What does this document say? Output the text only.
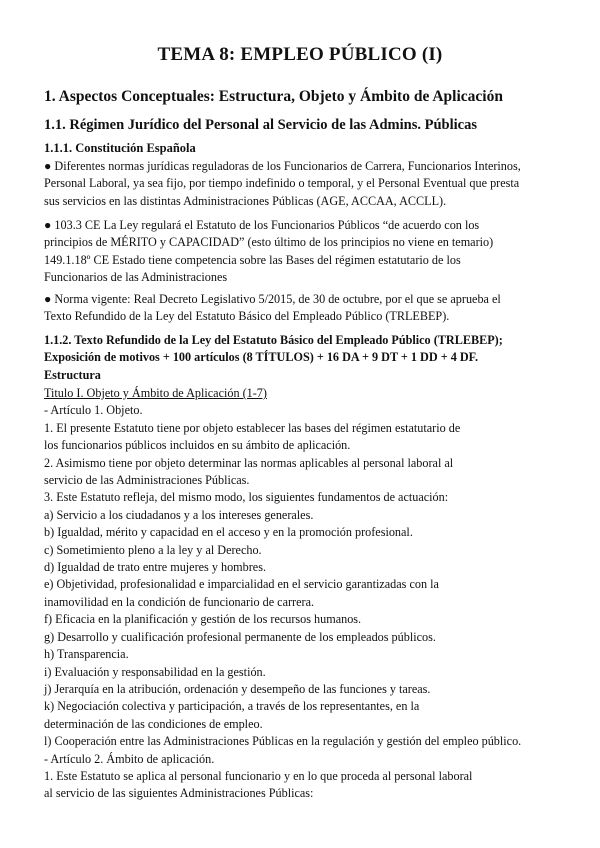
TEMA 8: EMPLEO PÚBLICO (I)
1. Aspectos Conceptuales: Estructura, Objeto y Ámbito de Aplicación
1.1. Régimen Jurídico del Personal al Servicio de las Admins. Públicas
1.1.1. Constitución Española
● Diferentes normas jurídicas reguladoras de los Funcionarios de Carrera, Funcionarios Interinos,
Personal Laboral, ya sea fijo, por tiempo indefinido o temporal, y el Personal Eventual que presta
sus servicios en las distintas Administraciones Públicas (AGE, ACCAA, ACCLL).
● 103.3 CE La Ley regulará el Estatuto de los Funcionarios Públicos “de acuerdo con los
principios de MÉRITO y CAPACIDAD” (esto último de los principios no viene en temario)
149.1.18º CE Estado tiene competencia sobre las Bases del régimen estatutario de los
Funcionarios de las Administraciones
● Norma vigente: Real Decreto Legislativo 5/2015, de 30 de octubre, por el que se aprueba el
Texto Refundido de la Ley del Estatuto Básico del Empleado Público (TRLEBEP).
1.1.2. Texto Refundido de la Ley del Estatuto Básico del Empleado Público (TRLEBEP);
Exposición de motivos + 100 artículos (8 TÍTULOS) + 16 DA + 9 DT + 1 DD + 4 DF.
Estructura
Titulo I. Objeto y Ámbito de Aplicación (1-7)
- Artículo 1. Objeto.
1. El presente Estatuto tiene por objeto establecer las bases del régimen estatutario de
los funcionarios públicos incluidos en su ámbito de aplicación.
2. Asimismo tiene por objeto determinar las normas aplicables al personal laboral al
servicio de las Administraciones Públicas.
3. Este Estatuto refleja, del mismo modo, los siguientes fundamentos de actuación:
a) Servicio a los ciudadanos y a los intereses generales.
b) Igualdad, mérito y capacidad en el acceso y en la promoción profesional.
c) Sometimiento pleno a la ley y al Derecho.
d) Igualdad de trato entre mujeres y hombres.
e) Objetividad, profesionalidad e imparcialidad en el servicio garantizadas con la
inamovilidad en la condición de funcionario de carrera.
f) Eficacia en la planificación y gestión de los recursos humanos.
g) Desarrollo y cualificación profesional permanente de los empleados públicos.
h) Transparencia.
i) Evaluación y responsabilidad en la gestión.
j) Jerarquía en la atribución, ordenación y desempeño de las funciones y tareas.
k) Negociación colectiva y participación, a través de los representantes, en la
determinación de las condiciones de empleo.
l) Cooperación entre las Administraciones Públicas en la regulación y gestión del empleo público.
- Artículo 2. Ámbito de aplicación.
1. Este Estatuto se aplica al personal funcionario y en lo que proceda al personal laboral
al servicio de las siguientes Administraciones Públicas:
